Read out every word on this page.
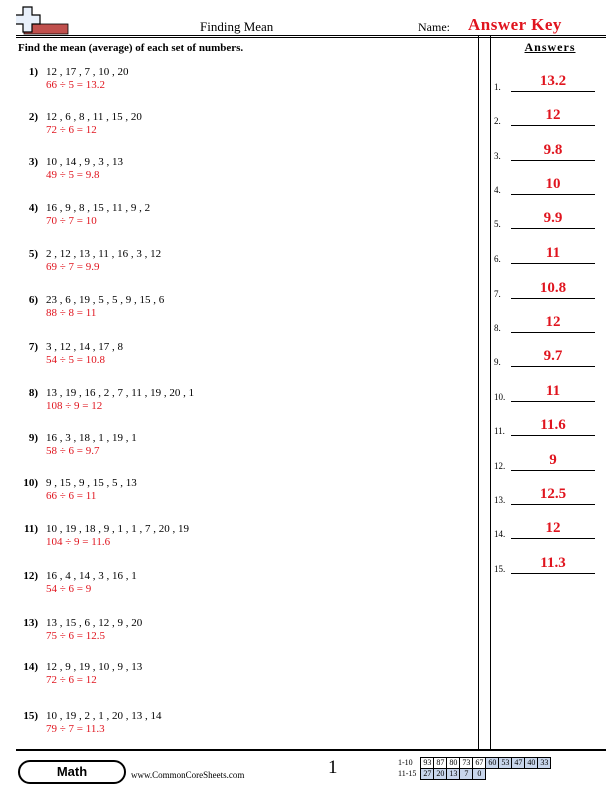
Finding Mean	Name: Answer Key
Find the mean (average) of each set of numbers.	Answers
1) 12 , 17 , 7 , 10 , 20
66 ÷ 5 = 13.2
2) 12 , 6 , 8 , 11 , 15 , 20
72 ÷ 6 = 12
3) 10 , 14 , 9 , 3 , 13
49 ÷ 5 = 9.8
4) 16 , 9 , 8 , 15 , 11 , 9 , 2
70 ÷ 7 = 10
5) 2 , 12 , 13 , 11 , 16 , 3 , 12
69 ÷ 7 = 9.9
6) 23 , 6 , 19 , 5 , 5 , 9 , 15 , 6
88 ÷ 8 = 11
7) 3 , 12 , 14 , 17 , 8
54 ÷ 5 = 10.8
8) 13 , 19 , 16 , 2 , 7 , 11 , 19 , 20 , 1
108 ÷ 9 = 12
9) 16 , 3 , 18 , 1 , 19 , 1
58 ÷ 6 = 9.7
10) 9 , 15 , 9 , 15 , 5 , 13
66 ÷ 6 = 11
11) 10 , 19 , 18 , 9 , 1 , 1 , 7 , 20 , 19
104 ÷ 9 = 11.6
12) 16 , 4 , 14 , 3 , 16 , 1
54 ÷ 6 = 9
13) 13 , 15 , 6 , 12 , 9 , 20
75 ÷ 6 = 12.5
14) 12 , 9 , 19 , 10 , 9 , 13
72 ÷ 6 = 12
15) 10 , 19 , 2 , 1 , 20 , 13 , 14
79 ÷ 7 = 11.3
1.	13.2
2.	12
3.	9.8
4.	10
5.	9.9
6.	11
7.	10.8
8.	12
9.	9.7
10.	11
11.	11.6
12.	9
13.	12.5
14.	12
15.	11.3
Math	www.CommonCoreSheets.com	1	1-10	93	87	80	73	67	60	53	47	40	33
11-15	27	20	13	7	0					
